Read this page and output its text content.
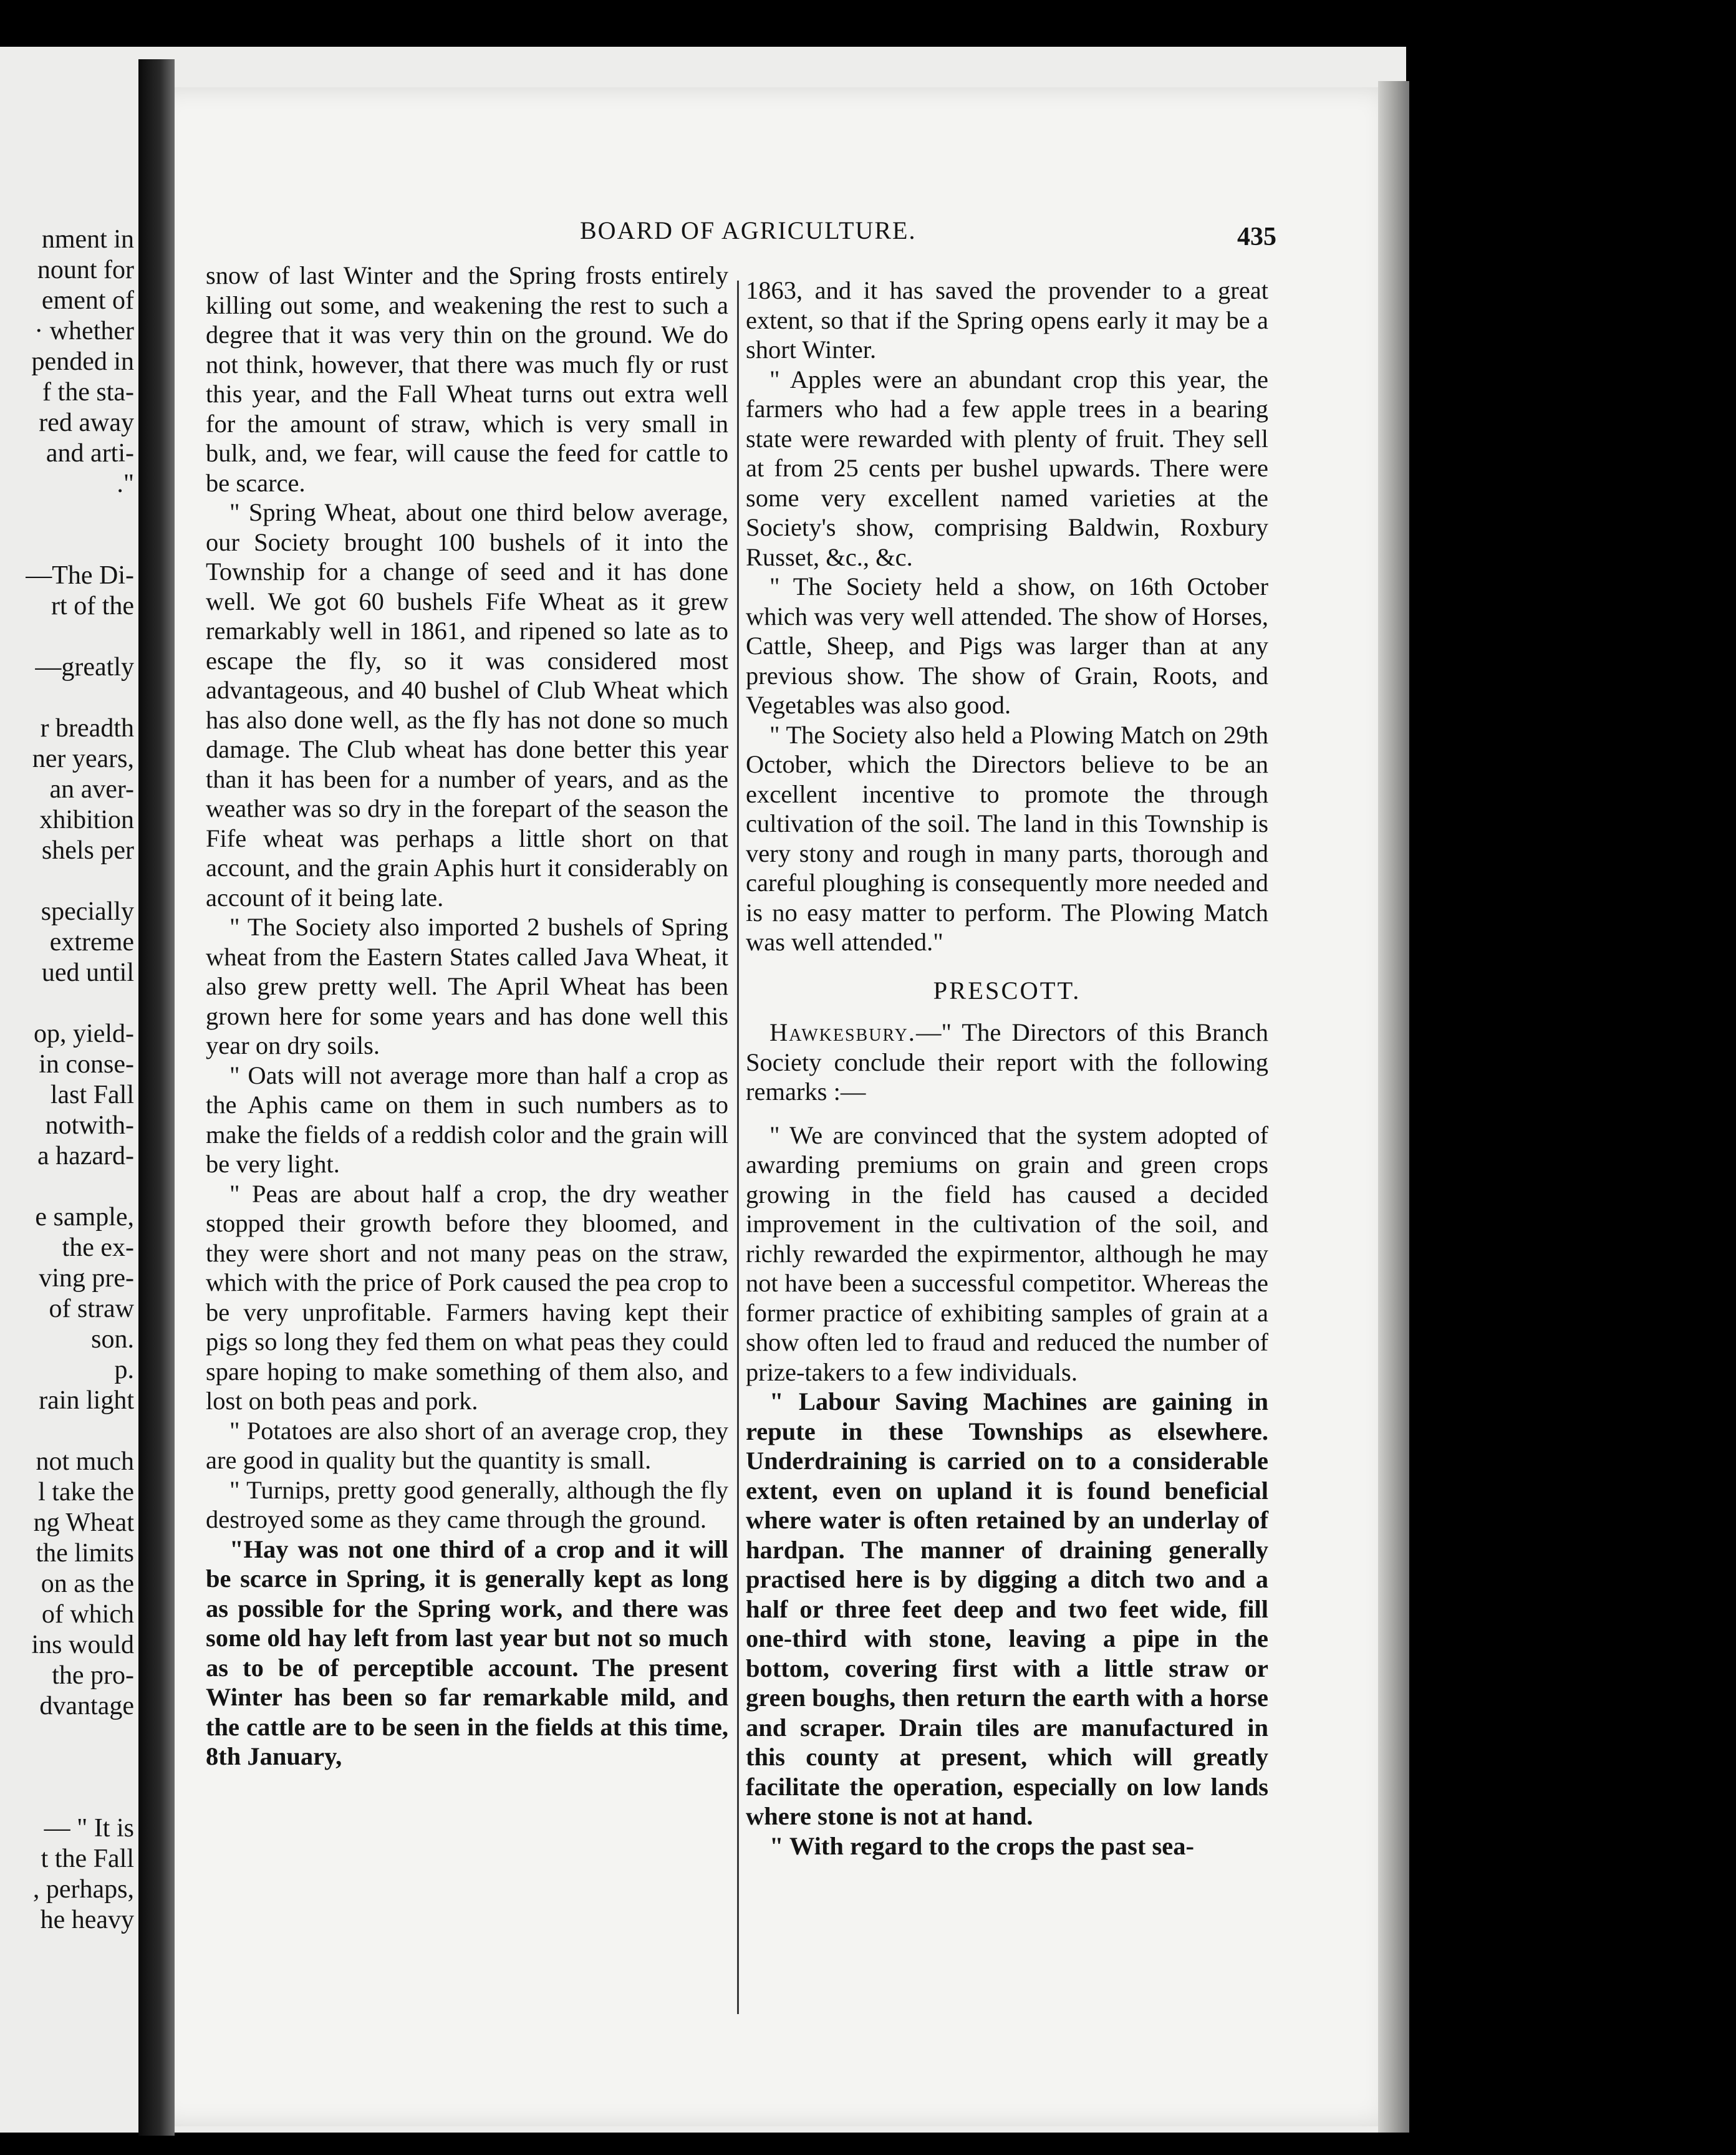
nment in
nount for
ement of
· whether
pended in
f the sta-
red away
and arti-
."

—The Di-
rt of the

—greatly

r breadth
ner years,
an aver-
xhibition
shels per

specially
extreme
ued until

op, yield-
in conse-
last Fall
notwith-
a hazard-

e sample,
the ex-
ving pre-
of straw
son.
p.
rain light

not much
l take the
ng Wheat
the limits
on as the
of which
ins would
the pro-
dvantage

— " It is
t the Fall
, perhaps,
he heavy
BOARD OF AGRICULTURE.	435

snow of last Winter and the Spring frosts entirely killing out some, and weakening the rest to such a degree that it was very thin on the ground. We do not think, however, that there was much fly or rust this year, and the Fall Wheat turns out extra well for the amount of straw, which is very small in bulk, and, we fear, will cause the feed for cattle to be scarce.

" Spring Wheat, about one third below average, our Society brought 100 bushels of it into the Township for a change of seed and it has done well. We got 60 bushels Fife Wheat as it grew remarkably well in 1861, and ripened so late as to escape the fly, so it was considered most advantageous, and 40 bushel of Club Wheat which has also done well, as the fly has not done so much damage. The Club wheat has done better this year than it has been for a number of years, and as the weather was so dry in the forepart of the season the Fife wheat was perhaps a little short on that account, and the grain Aphis hurt it considerably on account of it being late.

" The Society also imported 2 bushels of Spring wheat from the Eastern States called Java Wheat, it also grew pretty well. The April Wheat has been grown here for some years and has done well this year on dry soils.

" Oats will not average more than half a crop as the Aphis came on them in such numbers as to make the fields of a reddish color and the grain will be very light.

" Peas are about half a crop, the dry weather stopped their growth before they bloomed, and they were short and not many peas on the straw, which with the price of Pork caused the pea crop to be very unprofitable. Farmers having kept their pigs so long they fed them on what peas they could spare hoping to make something of them also, and lost on both peas and pork.

" Potatoes are also short of an average crop, they are good in quality but the quantity is small.

" Turnips, pretty good generally, although the fly destroyed some as they came through the ground.

"Hay was not one third of a crop and it will be scarce in Spring, it is generally kept as long as possible for the Spring work, and there was some old hay left from last year but not so much as to be of perceptible account. The present Winter has been so far remarkable mild, and the cattle are to be seen in the fields at this time, 8th January,

1863, and it has saved the provender to a great extent, so that if the Spring opens early it may be a short Winter.

" Apples were an abundant crop this year, the farmers who had a few apple trees in a bearing state were rewarded with plenty of fruit. They sell at from 25 cents per bushel upwards. There were some very excellent named varieties at the Society's show, comprising Baldwin, Roxbury Russet, &c., &c.

" The Society held a show, on 16th October which was very well attended. The show of Horses, Cattle, Sheep, and Pigs was larger than at any previous show. The show of Grain, Roots, and Vegetables was also good.

" The Society also held a Plowing Match on 29th October, which the Directors believe to be an excellent incentive to promote the through cultivation of the soil. The land in this Township is very stony and rough in many parts, thorough and careful ploughing is consequently more needed and is no easy matter to perform. The Plowing Match was well attended."

PRESCOTT.

Hawkesbury.—" The Directors of this Branch Society conclude their report with the following remarks :—

" We are convinced that the system adopted of awarding premiums on grain and green crops growing in the field has caused a decided improvement in the cultivation of the soil, and richly rewarded the expirmentor, although he may not have been a successful competitor. Whereas the former practice of exhibiting samples of grain at a show often led to fraud and reduced the number of prize-takers to a few individuals.

" Labour Saving Machines are gaining in repute in these Townships as elsewhere. Underdraining is carried on to a considerable extent, even on upland it is found beneficial where water is often retained by an underlay of hardpan. The manner of draining generally practised here is by digging a ditch two and a half or three feet deep and two feet wide, fill one-third with stone, leaving a pipe in the bottom, covering first with a little straw or green boughs, then return the earth with a horse and scraper. Drain tiles are manufactured in this county at present, which will greatly facilitate the operation, especially on low lands where stone is not at hand.

" With regard to the crops the past sea-
